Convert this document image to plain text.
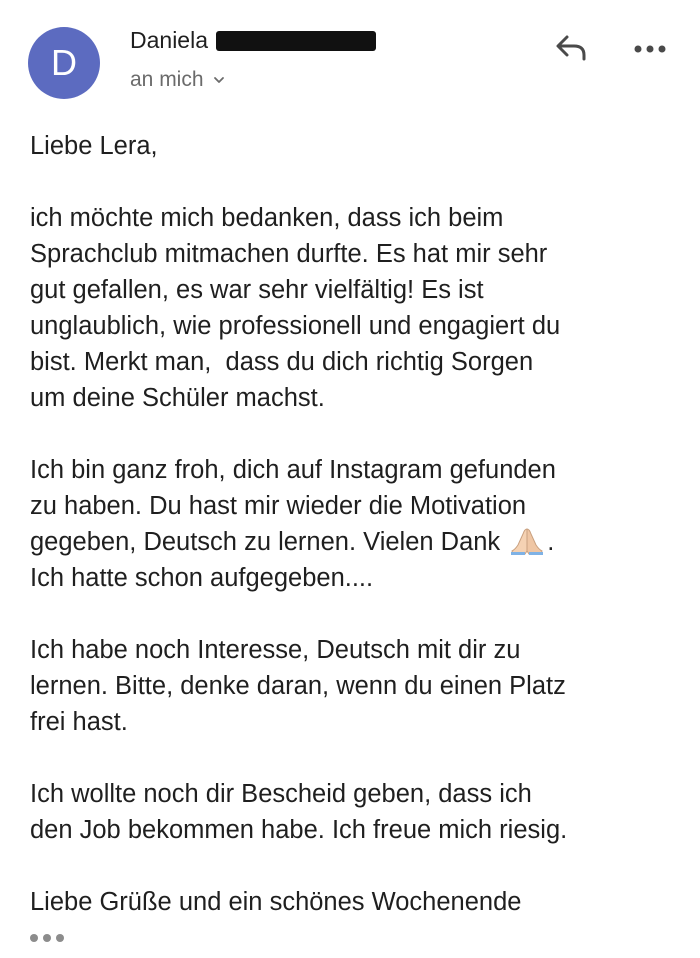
D
Daniela
an mich

Liebe Lera,

ich möchte mich bedanken, dass ich beim
Sprachclub mitmachen durfte. Es hat mir sehr
gut gefallen, es war sehr vielfältig! Es ist
unglaublich, wie professionell und engagiert du
bist. Merkt man,  dass du dich richtig Sorgen
um deine Schüler machst.

Ich bin ganz froh, dich auf Instagram gefunden
zu haben. Du hast mir wieder die Motivation
gegeben, Deutsch zu lernen. Vielen Dank .
Ich hatte schon aufgegeben....

Ich habe noch Interesse, Deutsch mit dir zu
lernen. Bitte, denke daran, wenn du einen Platz
frei hast.

Ich wollte noch dir Bescheid geben, dass ich
den Job bekommen habe. Ich freue mich riesig.

Liebe Grüße und ein schönes Wochenende
